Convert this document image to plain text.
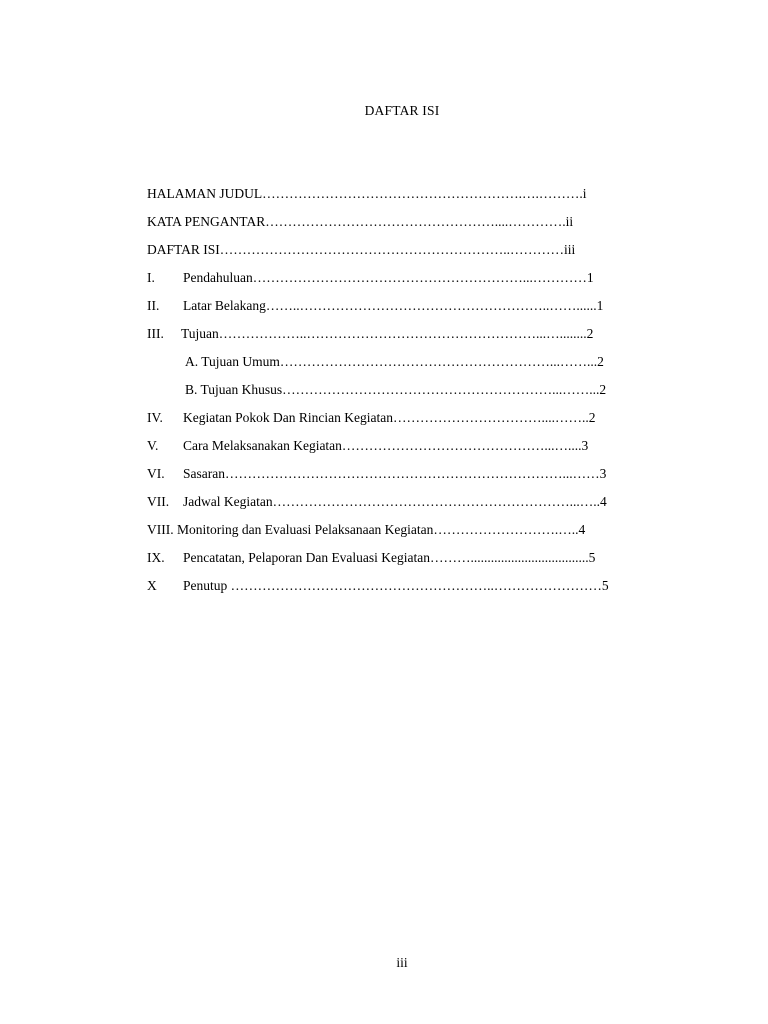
DAFTAR ISI
HALAMAN JUDUL………………………………………………….….……….i
KATA PENGANTAR……………………………………………....………….ii
DAFTAR ISI………………………………………………………..…………iii
I. Pendahuluan……………………………………………………...…………1
II. Latar Belakang……..………………………………………………..……......1
III. Tujuan………………..……………………………………………...…........2
A. Tujuan Umum……………………………………………………...……...2
B. Tujuan Khusus……………………………………………………...……...2
IV. Kegiatan Pokok Dan Rincian Kegiatan……………………………....……..2
V. Cara Melaksanakan Kegiatan………………………………………...…....3
VI. Sasaran…………………………………………………………………...……3
VII. Jadwal Kegiatan…………………………………………………………...…..4
VIII. Monitoring dan Evaluasi Pelaksanaan Kegiatan……………………….…..4
IX. Pencatatan, Pelaporan Dan Evaluasi Kegiatan………...................................5
X Penutup …………………………………………………..……………………5
iii
